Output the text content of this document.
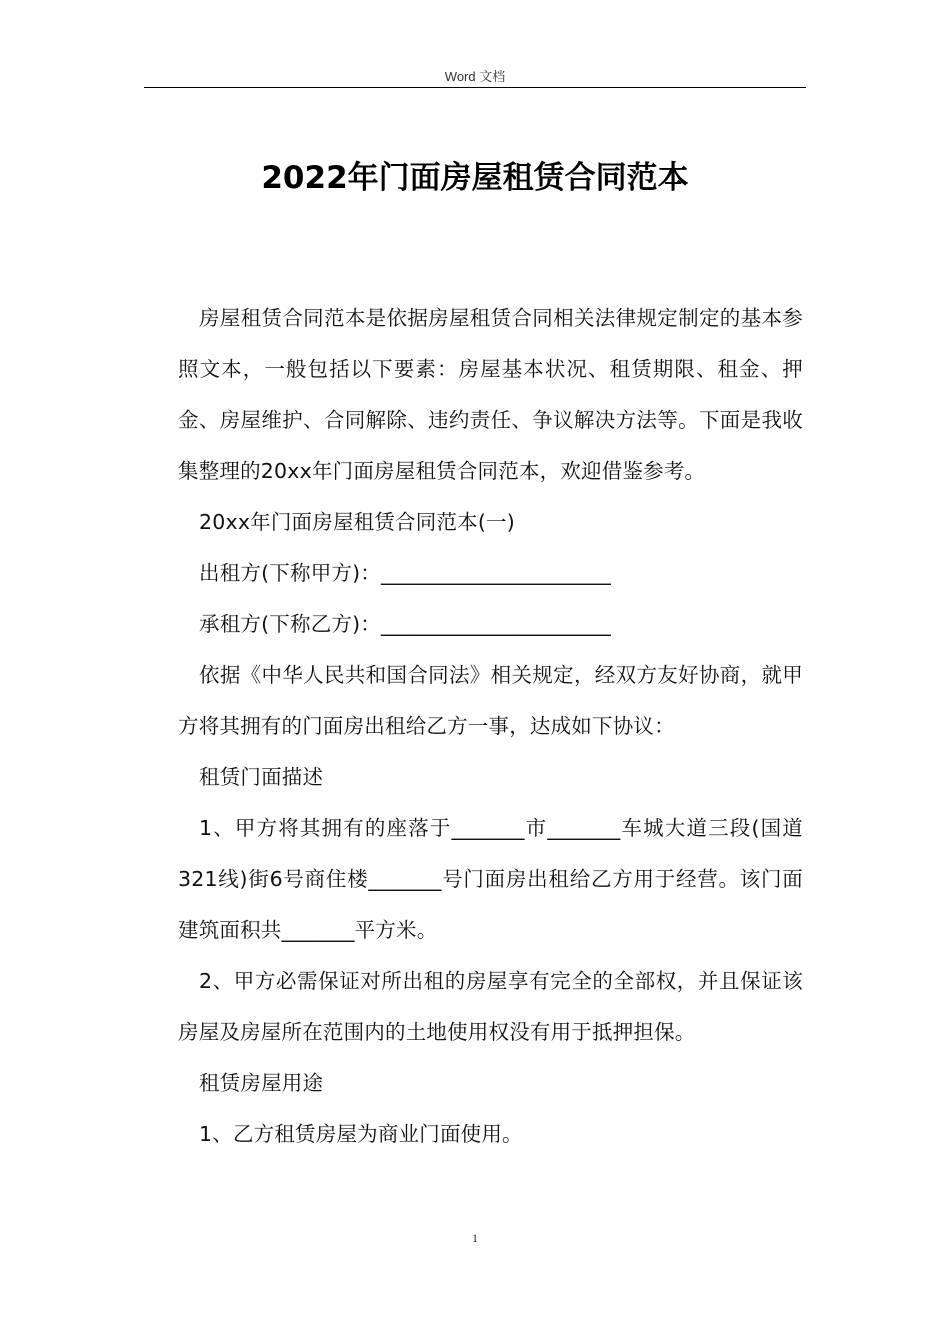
Word 文档
2022年门面房屋租赁合同范本

房屋租赁合同范本是依据房屋租赁合同相关法律规定制定的基本参照文本，一般包括以下要素：房屋基本状况、租赁期限、租金、押金、房屋维护、合同解除、违约责任、争议解决方法等。下面是我收集整理的20xx年门面房屋租赁合同范本，欢迎借鉴参考。

20xx年门面房屋租赁合同范本(一)

出租方(下称甲方)：______________________

承租方(下称乙方)：______________________

依据《中华人民共和国合同法》相关规定，经双方友好协商，就甲方将其拥有的门面房出租给乙方一事，达成如下协议：

租赁门面描述

1、甲方将其拥有的座落于_______市_______车城大道三段(国道321线)街6号商住楼_______号门面房出租给乙方用于经营。该门面建筑面积共_______平方米。

2、甲方必需保证对所出租的房屋享有完全的全部权，并且保证该房屋及房屋所在范围内的土地使用权没有用于抵押担保。

租赁房屋用途

1、乙方租赁房屋为商业门面使用。

1
